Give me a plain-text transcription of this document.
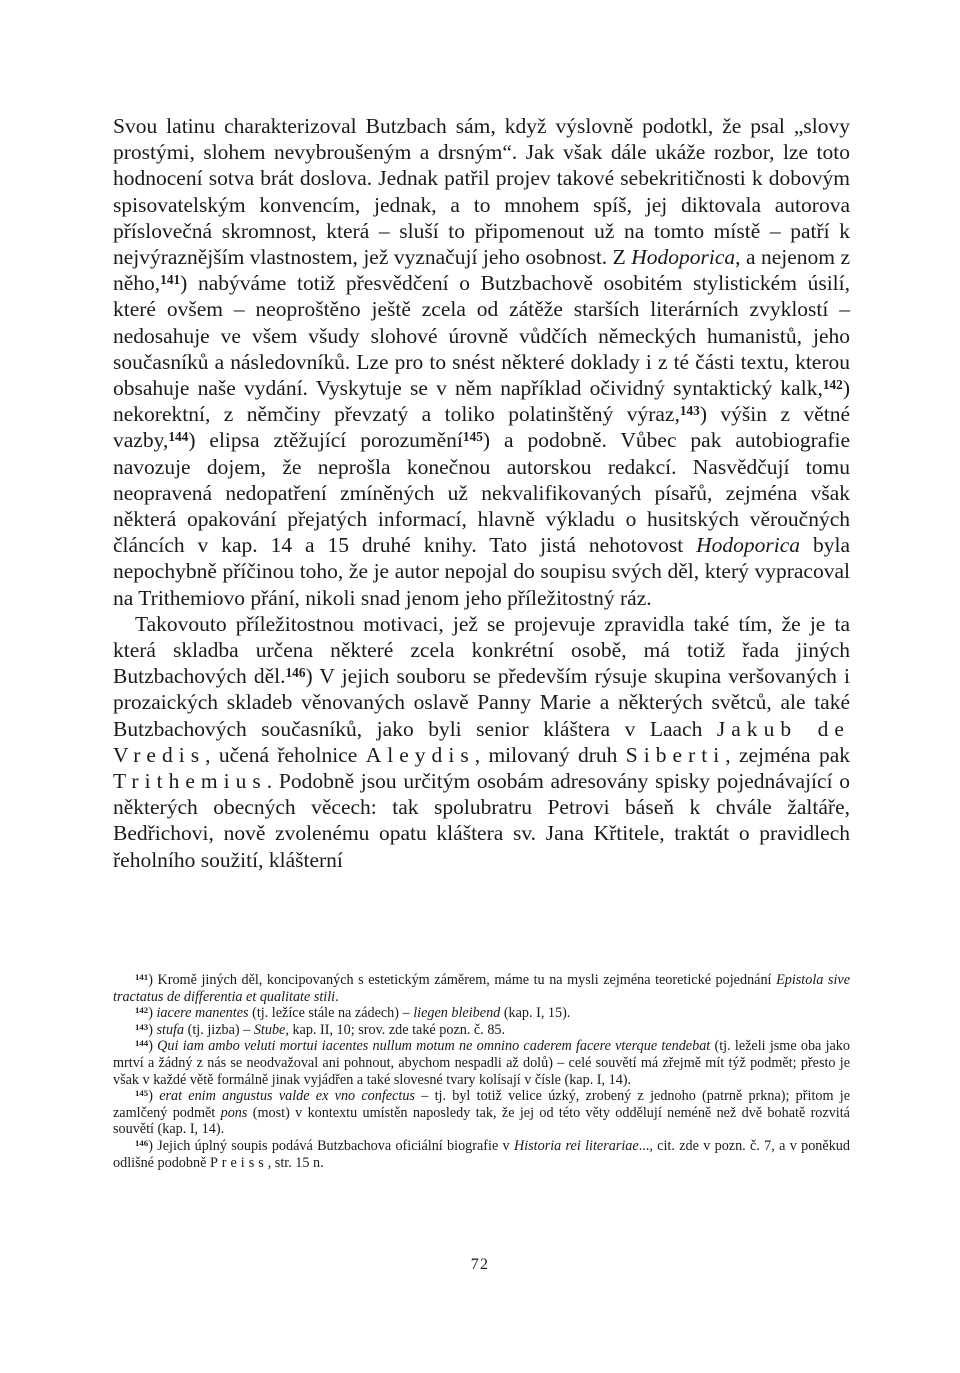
Svou latinu charakterizoval Butzbach sám, když výslovně podotkl, že psal „slovy prostými, slohem nevybroušeným a drsným“. Jak však dále ukáže rozbor, lze toto hodnocení sotva brát doslova. Jednak patřil projev takové sebekritičnosti k dobovým spisovatelským konvencím, jednak, a to mnohem spíš, jej diktovala autorova příslovečná skromnost, která – sluší to připomenout už na tomto místě – patří k nejvýraznějším vlastnostem, jež vyznačují jeho osobnost. Z Hodoporica, a nejenom z něho,$^{141}$) nabýváme totiž přesvědčení o Butzbachově osobitém stylistickém úsilí, které ovšem – neoproštěno ještě zcela od zátěže starších literárních zvyklostí – nedosahuje ve všem všudy slohové úrovně vůdčích německých humanistů, jeho současníků a následovníků. Lze pro to snést některé doklady i z té části textu, kterou obsahuje naše vydání. Vyskytuje se v něm například očividný syntaktický kalk,$^{142}$) nekorektní, z němčiny převzatý a toliko polatinštěný výraz,$^{143}$) výšin z větné vazby,$^{144}$) elipsa ztěžující porozumění$^{145}$) a podobně. Vůbec pak autobiografie navozuje dojem, že neprošla konečnou autorskou redakcí. Nasvědčují tomu neopravená nedopatření zmíněných už nekvalifikovaných písařů, zejména však některá opakování přejatých informací, hlavně výkladu o husitských věroučných článcích v kap. 14 a 15 druhé knihy. Tato jistá nehotovost Hodoporica byla nepochybně příčinou toho, že je autor nepojal do soupisu svých děl, který vypracoval na Trithemiovo přání, nikoli snad jenom jeho příležitostný ráz.

Takovouto příležitostnou motivaci, jež se projevuje zpravidla také tím, že je ta která skladba určena některé zcela konkrétní osobě, má totiž řada jiných Butzbachových děl.$^{146}$) V jejich souboru se především rýsuje skupina veršovaných i prozaických skladeb věnovaných oslavě Panny Marie a některých světců, ale také Butzbachových současníků, jako byli senior kláštera v Laach Jakub de Vredis, učená řeholnice Aleydis, milovaný druh Siberti, zejména pak Trithemius. Podobně jsou určitým osobám adresovány spisky pojednávající o některých obecných věcech: tak spolubratru Petrovi báseň k chvále žaltáře, Bedřichovi, nově zvolenému opatu kláštera sv. Jana Křtitele, traktát o pravidlech řeholního soužití, klášterní

$^{141}$) Kromě jiných děl, koncipovaných s estetickým záměrem, máme tu na mysli zejména teoretické pojednání Epistola sive tractatus de differentia et qualitate stili.

$^{142}$) iacere manentes (tj. ležíce stále na zádech) – liegen bleibend (kap. I, 15).

$^{143}$) stufa (tj. jizba) – Stube, kap. II, 10; srov. zde také pozn. č. 85.

$^{144}$) Qui iam ambo veluti mortui iacentes nullum motum ne omnino caderem facere vterque tendebat (tj. leželi jsme oba jako mrtví a žádný z nás se neodvažoval ani pohnout, abychom nespadli až dolů) – celé souvětí má zřejmě mít týž podmět; přesto je však v každé větě formálně jinak vyjádřen a také slovesné tvary kolísají v čísle (kap. I, 14).

$^{145}$) erat enim angustus valde ex vno confectus – tj. byl totiž velice úzký, zrobený z jednoho (patrně prkna); přitom je zamlčený podmět pons (most) v kontextu umístěn naposledy tak, že jej od této věty oddělují neméně než dvě bohatě rozvitá souvětí (kap. I, 14).

$^{146}$) Jejich úplný soupis podává Butzbachova oficiální biografie v Historia rei literariae..., cit. zde v pozn. č. 7, a v poněkud odlišné podobně Preiss, str. 15 n.

72
